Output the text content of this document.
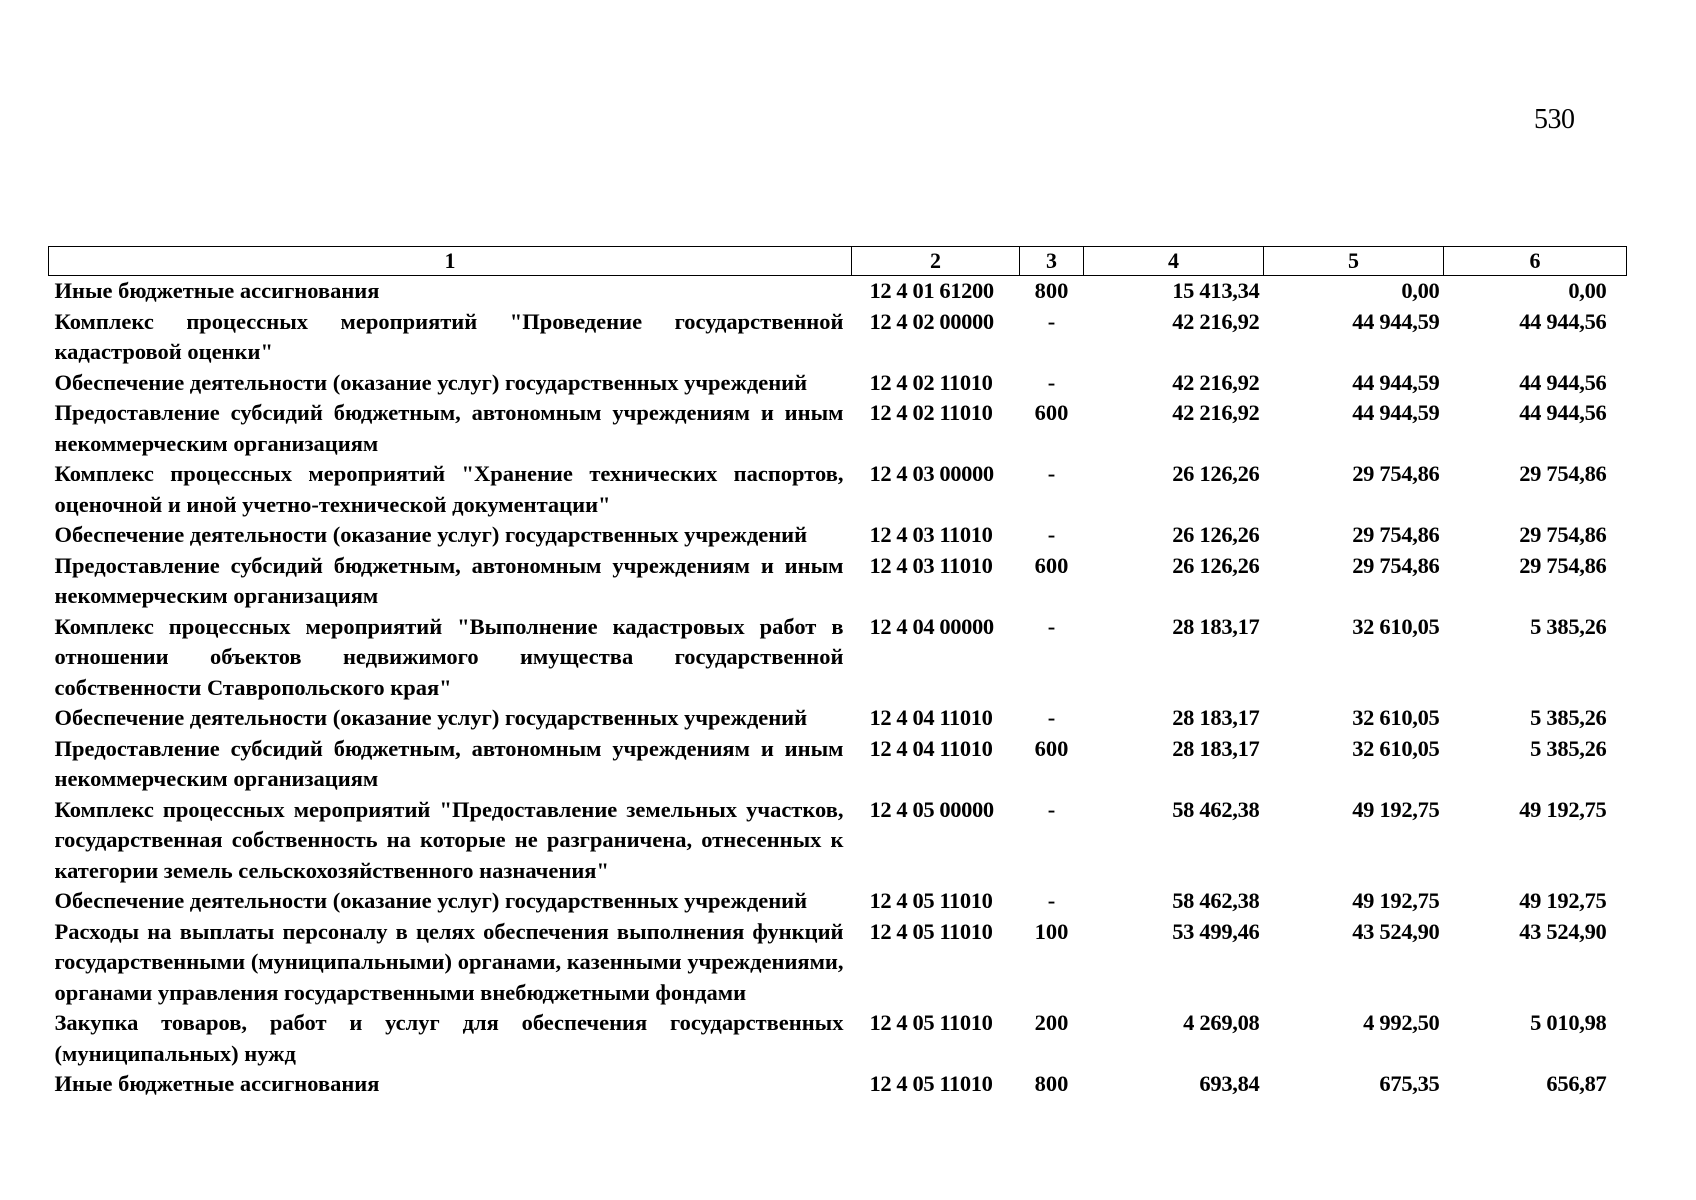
530
1	2	3	4	5	6
Иные бюджетные ассигнования	12 4 01 61200	800	15 413,34	0,00	0,00
Комплекс процессных мероприятий "Проведение государственной кадастровой оценки"	12 4 02 00000	-	42 216,92	44 944,59	44 944,56
Обеспечение деятельности (оказание услуг) государственных учреждений	12 4 02 11010	-	42 216,92	44 944,59	44 944,56
Предоставление субсидий бюджетным, автономным учреждениям и иным некоммерческим организациям	12 4 02 11010	600	42 216,92	44 944,59	44 944,56
Комплекс процессных мероприятий "Хранение технических паспортов, оценочной и иной учетно-технической документации"	12 4 03 00000	-	26 126,26	29 754,86	29 754,86
Обеспечение деятельности (оказание услуг) государственных учреждений	12 4 03 11010	-	26 126,26	29 754,86	29 754,86
Предоставление субсидий бюджетным, автономным учреждениям и иным некоммерческим организациям	12 4 03 11010	600	26 126,26	29 754,86	29 754,86
Комплекс процессных мероприятий "Выполнение кадастровых работ в отношении объектов недвижимого имущества государственной собственности Ставропольского края"	12 4 04 00000	-	28 183,17	32 610,05	5 385,26
Обеспечение деятельности (оказание услуг) государственных учреждений	12 4 04 11010	-	28 183,17	32 610,05	5 385,26
Предоставление субсидий бюджетным, автономным учреждениям и иным некоммерческим организациям	12 4 04 11010	600	28 183,17	32 610,05	5 385,26
Комплекс процессных мероприятий "Предоставление земельных участков, государственная собственность на которые не разграничена, отнесенных к категории земель сельскохозяйственного назначения"	12 4 05 00000	-	58 462,38	49 192,75	49 192,75
Обеспечение деятельности (оказание услуг) государственных учреждений	12 4 05 11010	-	58 462,38	49 192,75	49 192,75
Расходы на выплаты персоналу в целях обеспечения выполнения функций государственными (муниципальными) органами, казенными учреждениями, органами управления государственными внебюджетными фондами	12 4 05 11010	100	53 499,46	43 524,90	43 524,90
Закупка товаров, работ и услуг для обеспечения государственных (муниципальных) нужд	12 4 05 11010	200	4 269,08	4 992,50	5 010,98
Иные бюджетные ассигнования	12 4 05 11010	800	693,84	675,35	656,87
